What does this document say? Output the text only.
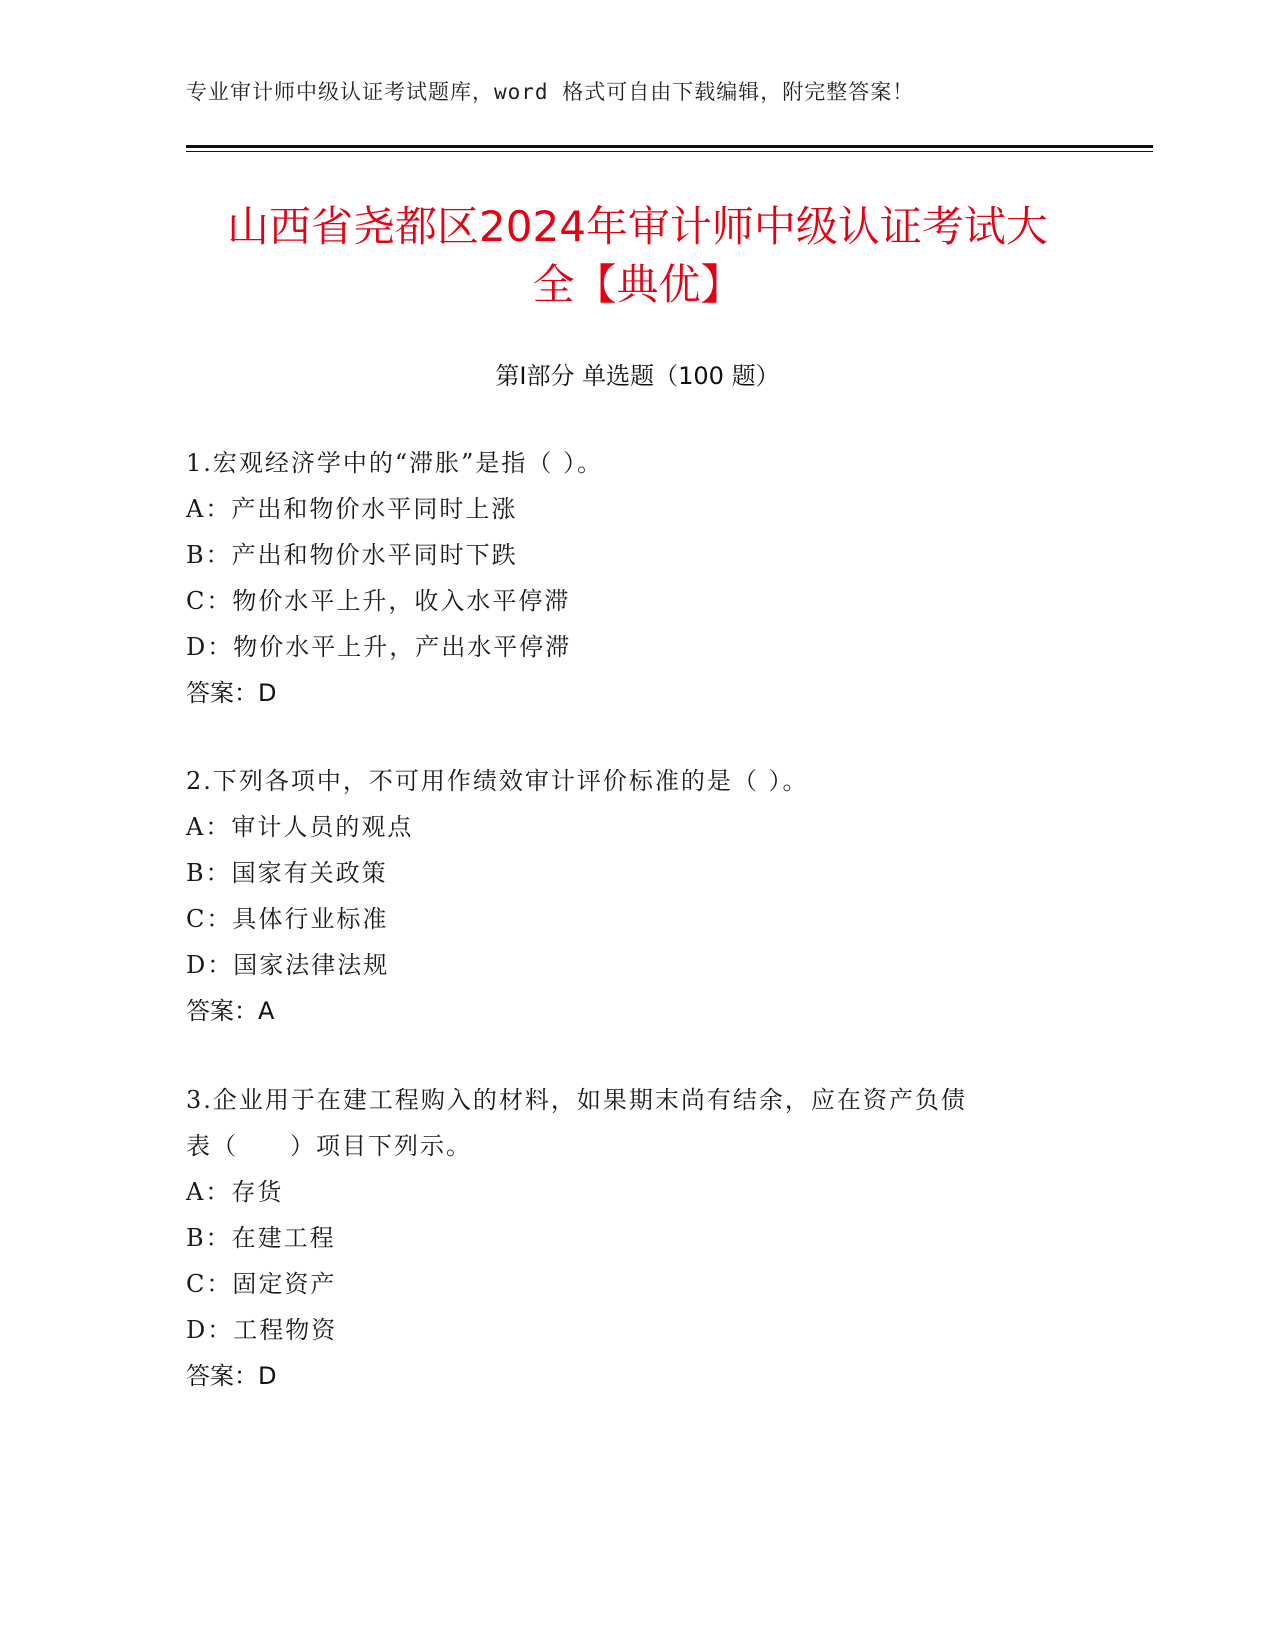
专业审计师中级认证考试题库，word 格式可自由下载编辑，附完整答案！
山西省尧都区2024年审计师中级认证考试大
全【典优】
第Ⅰ部分 单选题（100 题）

1.宏观经济学中的“滞胀”是指（ ）。

A：产出和物价水平同时上涨

B：产出和物价水平同时下跌

C：物价水平上升，收入水平停滞

D：物价水平上升，产出水平停滞

答案：D

2.下列各项中，不可用作绩效审计评价标准的是（ ）。

A：审计人员的观点

B：国家有关政策

C：具体行业标准

D：国家法律法规

答案：A

3.企业用于在建工程购入的材料，如果期末尚有结余，应在资产负债

表（　　）项目下列示。

A：存货

B：在建工程

C：固定资产

D：工程物资

答案：D
